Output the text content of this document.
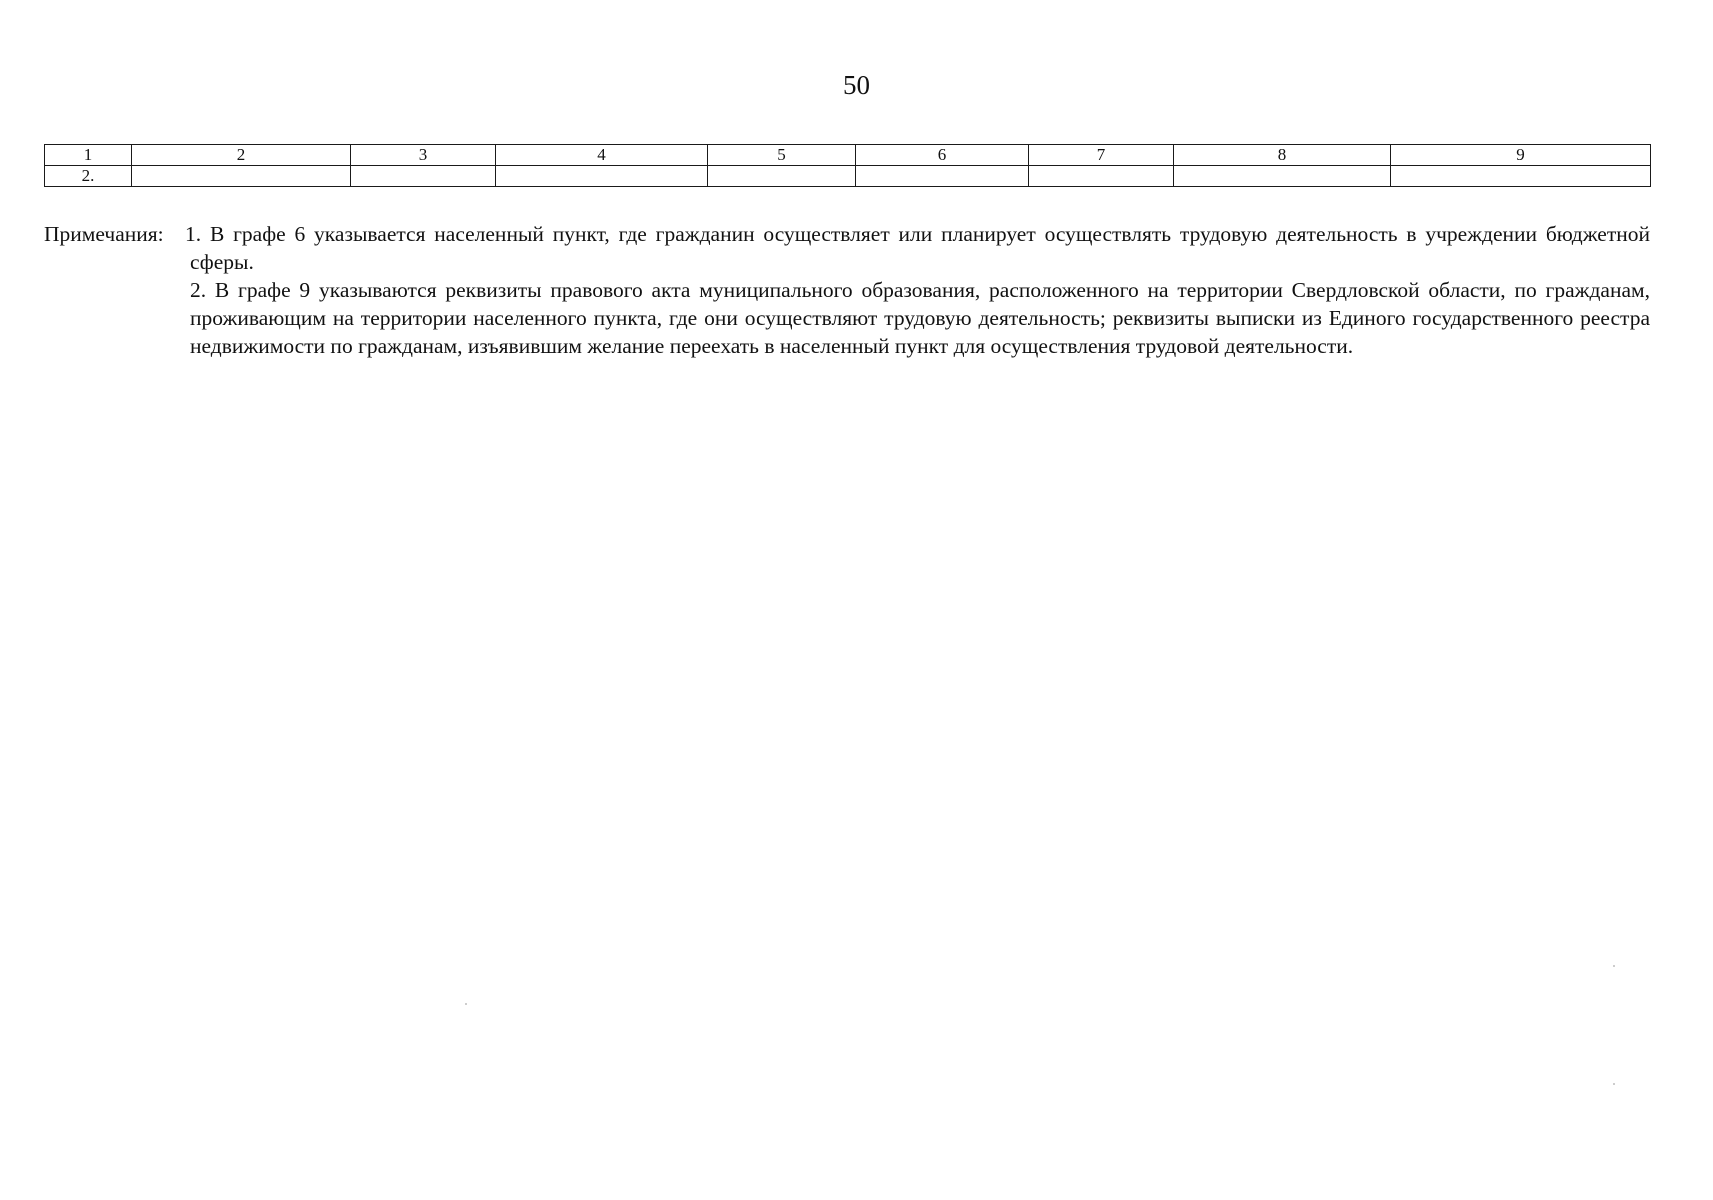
50
1	2	3	4	5	6	7	8	9
2.								
Примечания: 1. В графе 6 указывается населенный пункт, где гражданин осуществляет или планирует осуществлять трудовую деятельность в учреждении бюджетной сферы.

2. В графе 9 указываются реквизиты правового акта муниципального образования, расположенного на территории Свердловской области, по гражданам, проживающим на территории населенного пункта, где они осуществляют трудовую деятельность; реквизиты выписки из Единого государственного реестра недвижимости по гражданам, изъявившим желание переехать в населенный пункт для осуществления трудовой деятельности.
